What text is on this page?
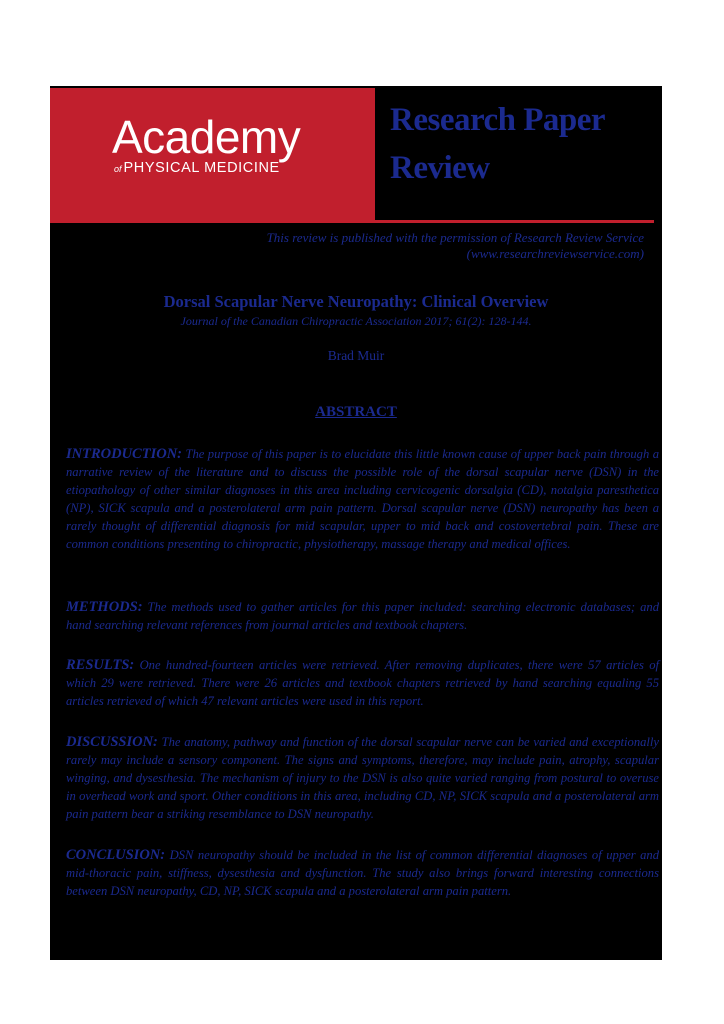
Academy
of PHYSICAL MEDICINE
Research Paper
Review
This review is published with the permission of Research Review Service
(www.researchreviewservice.com)
Dorsal Scapular Nerve Neuropathy: Clinical Overview
Journal of the Canadian Chiropractic Association 2017; 61(2): 128-144.
Brad Muir
ABSTRACT
INTRODUCTION: The purpose of this paper is to elucidate this little known cause of upper back pain through a narrative review of the literature and to discuss the possible role of the dorsal scapular nerve (DSN) in the etiopathology of other similar diagnoses in this area including cervicogenic dorsalgia (CD), notalgia paresthetica (NP), SICK scapula and a posterolateral arm pain pattern. Dorsal scapular nerve (DSN) neuropathy has been a rarely thought of differential diagnosis for mid scapular, upper to mid back and costovertebral pain. These are common conditions presenting to chiropractic, physiotherapy, massage therapy and medical offices.
METHODS: The methods used to gather articles for this paper included: searching electronic databases; and hand searching relevant references from journal articles and textbook chapters.
RESULTS: One hundred-fourteen articles were retrieved. After removing duplicates, there were 57 articles of which 29 were retrieved. There were 26 articles and textbook chapters retrieved by hand searching equaling 55 articles retrieved of which 47 relevant articles were used in this report.
DISCUSSION: The anatomy, pathway and function of the dorsal scapular nerve can be varied and exceptionally rarely may include a sensory component. The signs and symptoms, therefore, may include pain, atrophy, scapular winging, and dysesthesia. The mechanism of injury to the DSN is also quite varied ranging from postural to overuse in overhead work and sport. Other conditions in this area, including CD, NP, SICK scapula and a posterolateral arm pain pattern bear a striking resemblance to DSN neuropathy.
CONCLUSION: DSN neuropathy should be included in the list of common differential diagnoses of upper and mid-thoracic pain, stiffness, dysesthesia and dysfunction. The study also brings forward interesting connections between DSN neuropathy, CD, NP, SICK scapula and a posterolateral arm pain pattern.
